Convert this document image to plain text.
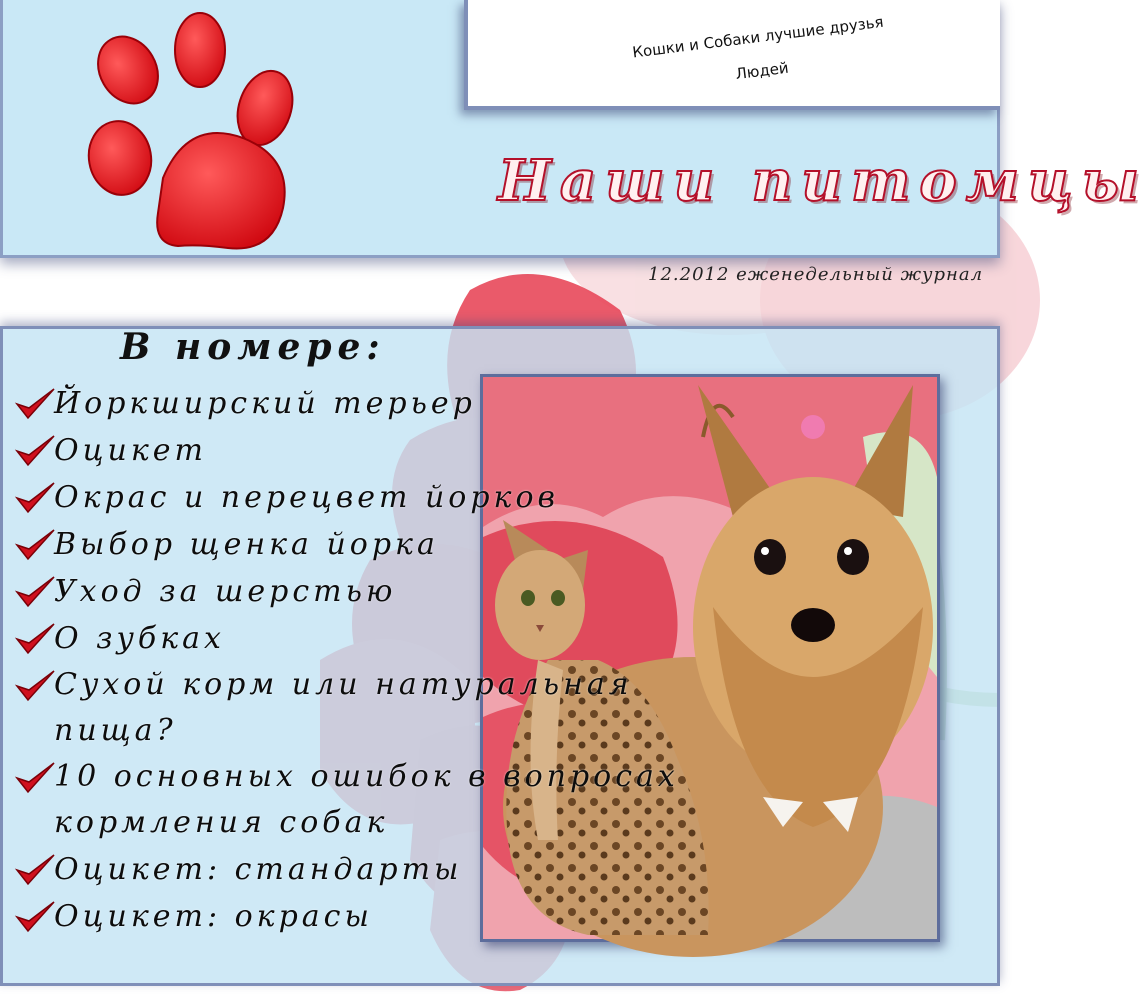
Кошки и Собаки лучшие друзья
Людей
Наши питомцы
12.2012 еженедельный журнал
В номере:
Йоркширский терьер
Оцикет
Окрас и перецвет йорков
Выбор щенка йорка
Уход за шерстью
О зубках
Сухой корм или натуральная пища?
10 основных ошибок в вопросах кормления собак
Оцикет: стандарты
Оцикет: окрасы
